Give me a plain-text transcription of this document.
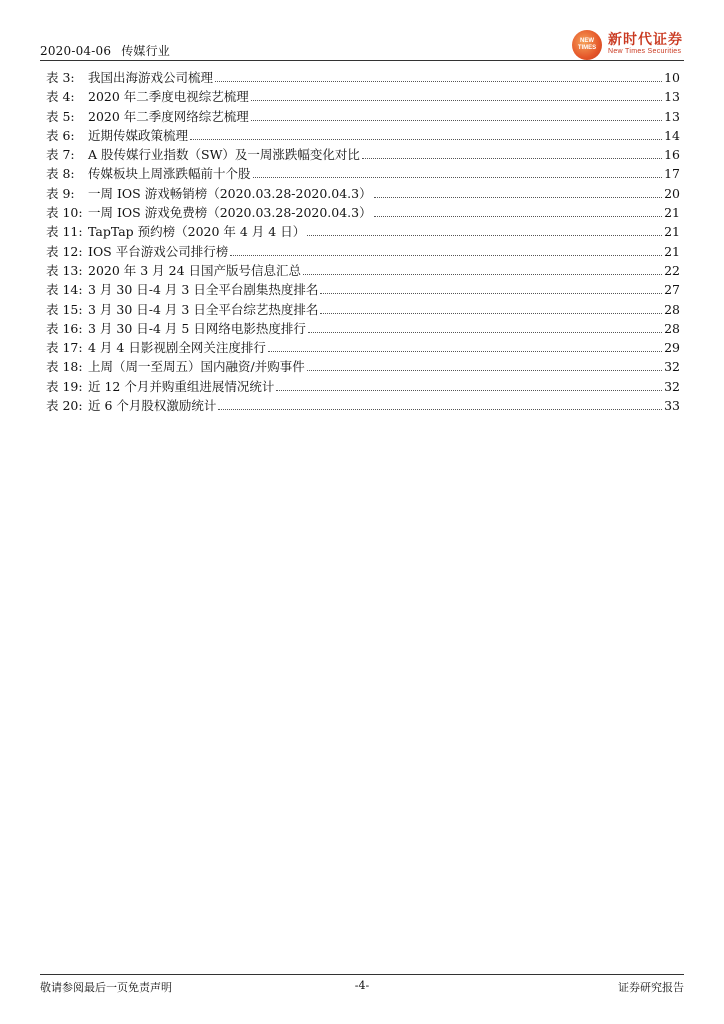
2020-04-06 传媒行业
NEW TIMES 新时代证券
New Times Securities
表 3:	我国出海游戏公司梳理	10
表 4:	2020 年二季度电视综艺梳理	13
表 5:	2020 年二季度网络综艺梳理	13
表 6:	近期传媒政策梳理	14
表 7:	A 股传媒行业指数（SW）及一周涨跌幅变化对比	16
表 8:	传媒板块上周涨跌幅前十个股	17
表 9:	一周 IOS 游戏畅销榜（2020.03.28-2020.04.3）	20
表 10: 一周 IOS 游戏免费榜（2020.03.28-2020.04.3）	21
表 11: TapTap 预约榜（2020 年 4 月 4 日）	21
表 12: IOS 平台游戏公司排行榜	21
表 13: 2020 年 3 月 24 日国产版号信息汇总	22
表 14: 3 月 30 日-4 月 3 日全平台剧集热度排名	27
表 15: 3 月 30 日-4 月 3 日全平台综艺热度排名	28
表 16: 3 月 30 日-4 月 5 日网络电影热度排行	28
表 17: 4 月 4 日影视剧全网关注度排行	29
表 18: 上周（周一至周五）国内融资/并购事件	32
表 19: 近 12 个月并购重组进展情况统计	32
表 20: 近 6 个月股权激励统计	33
敬请参阅最后一页免责声明	-4-	证券研究报告
